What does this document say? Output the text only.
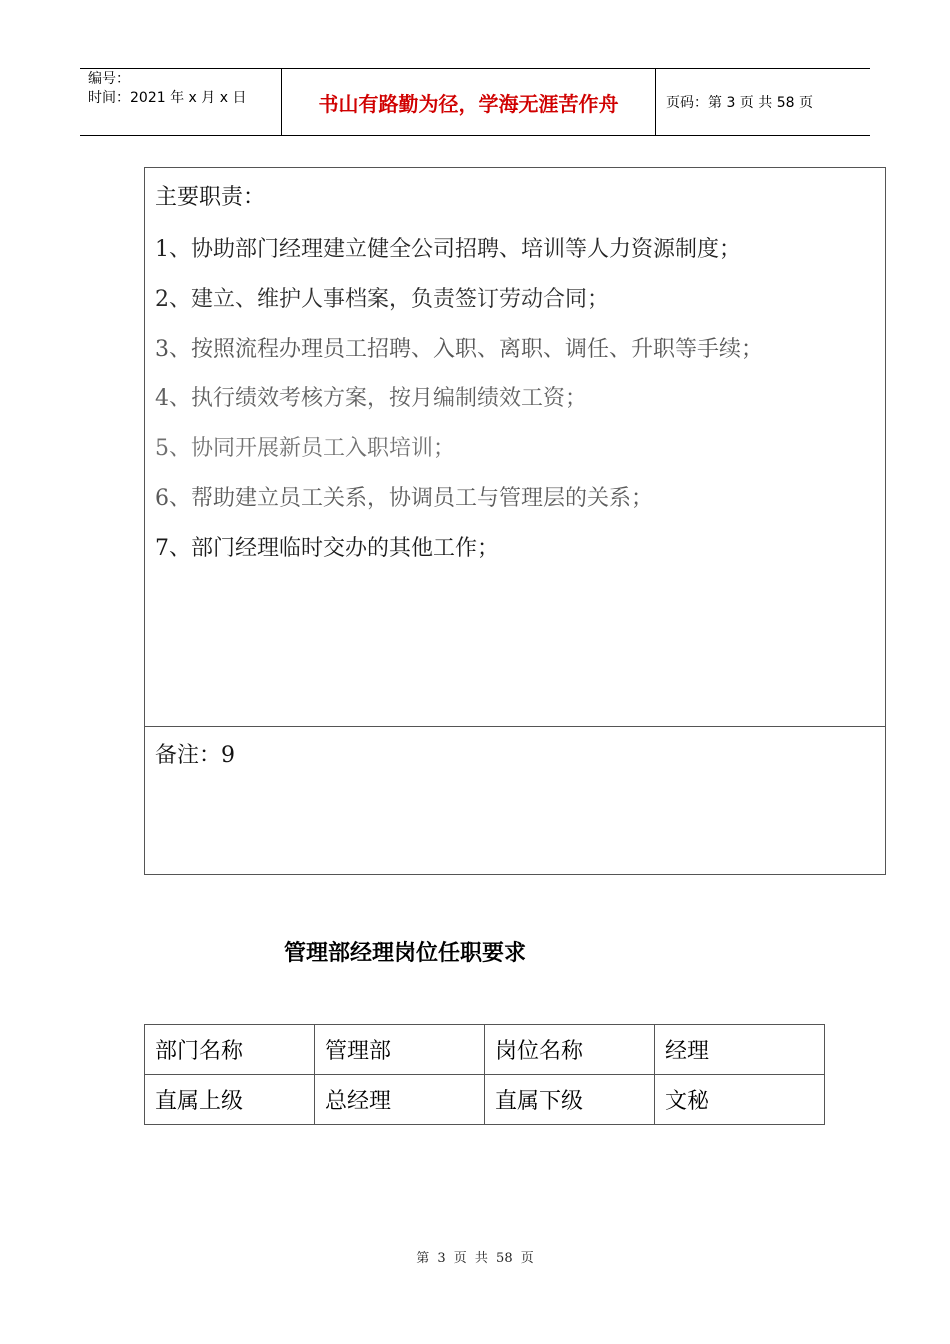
编号：
时间：2021 年 x 月 x 日	书山有路勤为径，学海无涯苦作舟	页码：第 3 页 共 58 页
主要职责：
1、协助部门经理建立健全公司招聘、培训等人力资源制度；
2、建立、维护人事档案，负责签订劳动合同；
3、按照流程办理员工招聘、入职、离职、调任、升职等手续；
4、执行绩效考核方案，按月编制绩效工资；
5、协同开展新员工入职培训；
6、帮助建立员工关系，协调员工与管理层的关系；
7、部门经理临时交办的其他工作；
备注：9
管理部经理岗位任职要求
部门名称	管理部	岗位名称	经理
直属上级	总经理	直属下级	文秘
第 3 页 共 58 页
